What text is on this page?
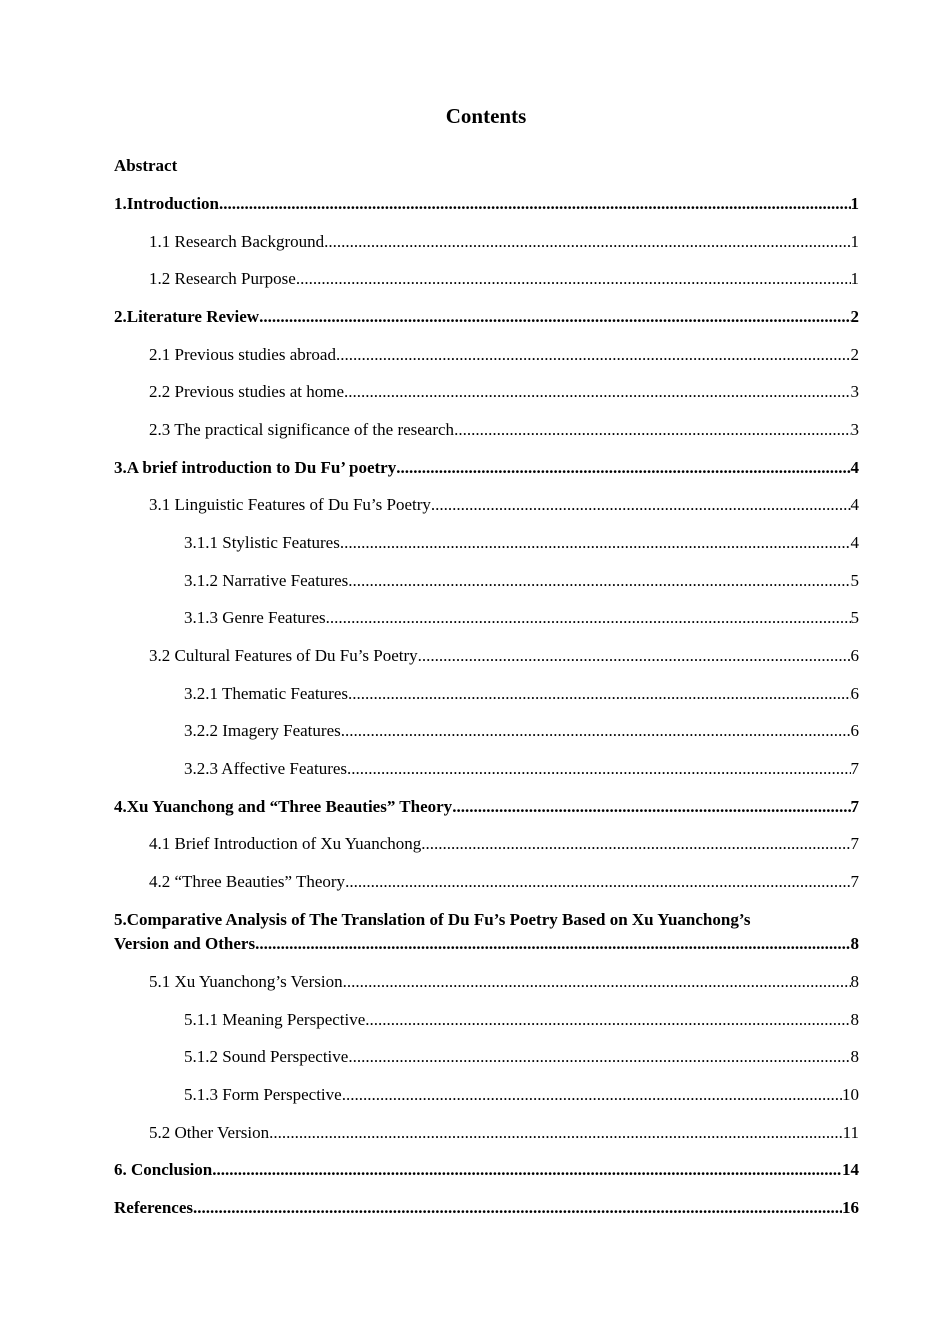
Contents
Abstract
1.Introduction .....	1
1.1 Research Background .....	1
1.2 Research Purpose .....	1
2.Literature Review .....	2
2.1 Previous studies abroad .....	2
2.2 Previous studies at home .....	3
2.3 The practical significance of the research .....	3
3.A brief introduction to Du Fu’ poetry .....	4
3.1 Linguistic Features of Du Fu’s Poetry .....	4
3.1.1 Stylistic Features .....	4
3.1.2 Narrative Features .....	5
3.1.3 Genre Features .....	5
3.2 Cultural Features of Du Fu’s Poetry .....	6
3.2.1 Thematic Features .....	6
3.2.2 Imagery Features .....	6
3.2.3 Affective Features .....	7
4.Xu Yuanchong and “Three Beauties” Theory .....	7
4.1 Brief Introduction of Xu Yuanchong .....	7
4.2 “Three Beauties” Theory .....	7
5.Comparative Analysis of The Translation of Du Fu’s Poetry Based on Xu Yuanchong’s
Version and Others .....	8
5.1 Xu Yuanchong’s Version .....	8
5.1.1 Meaning Perspective .....	8
5.1.2 Sound Perspective .....	8
5.1.3 Form Perspective .....	10
5.2 Other Version .....	11
6. Conclusion .....	14
References .....	16
